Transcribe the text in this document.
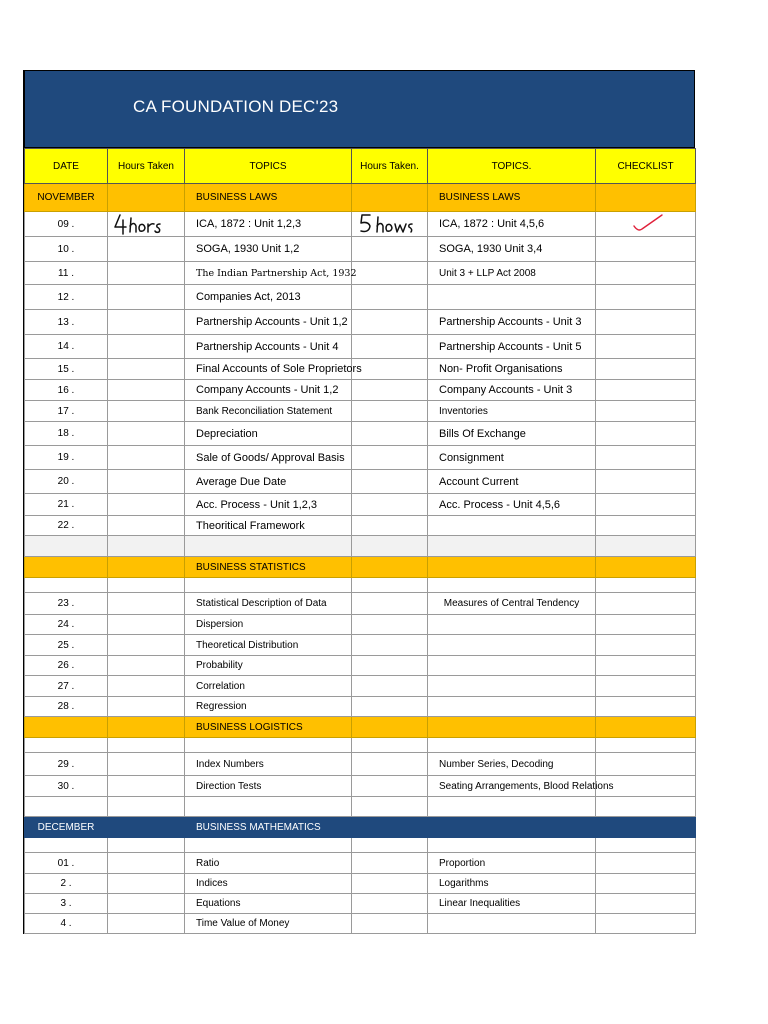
CA FOUNDATION DEC'23
DATE	Hours Taken	TOPICS	Hours Taken.	TOPICS.	CHECKLIST
NOVEMBER		BUSINESS LAWS		BUSINESS LAWS	
09 .		ICA, 1872 : Unit 1,2,3		ICA, 1872 : Unit 4,5,6	

10 .		SOGA, 1930 Unit 1,2		SOGA, 1930 Unit 3,4	
11 .		The Indian Partnership Act, 1932		Unit 3 + LLP Act 2008	
12 .		Companies Act, 2013			
13 .		Partnership Accounts - Unit 1,2		Partnership Accounts - Unit 3	
14 .		Partnership Accounts - Unit 4		Partnership Accounts - Unit 5	
15 .		Final Accounts of Sole Proprietors		Non- Profit Organisations	
16 .		Company Accounts - Unit 1,2		Company Accounts - Unit 3	
17 .		Bank Reconciliation Statement		Inventories	
18 .		Depreciation		Bills Of Exchange	
19 .		Sale of Goods/ Approval Basis		Consignment	
20 .		Average Due Date		Account Current	
21 .		Acc. Process - Unit 1,2,3		Acc. Process - Unit 4,5,6	
22 .		Theoritical Framework			

		BUSINESS STATISTICS			

23 .		Statistical Description of Data		Measures of Central Tendency	
24 .		Dispersion			
25 .		Theoretical Distribution			
26 .		Probability			
27 .		Correlation			
28 .		Regression			
		BUSINESS LOGISTICS			

29 .		Index Numbers		Number Series, Decoding	
30 .		Direction Tests		Seating Arrangements, Blood Relations	

DECEMBER		BUSINESS MATHEMATICS			

01 .		Ratio		Proportion	
2 .		Indices		Logarithms	
3 .		Equations		Linear Inequalities	
4 .		Time Value of Money			
